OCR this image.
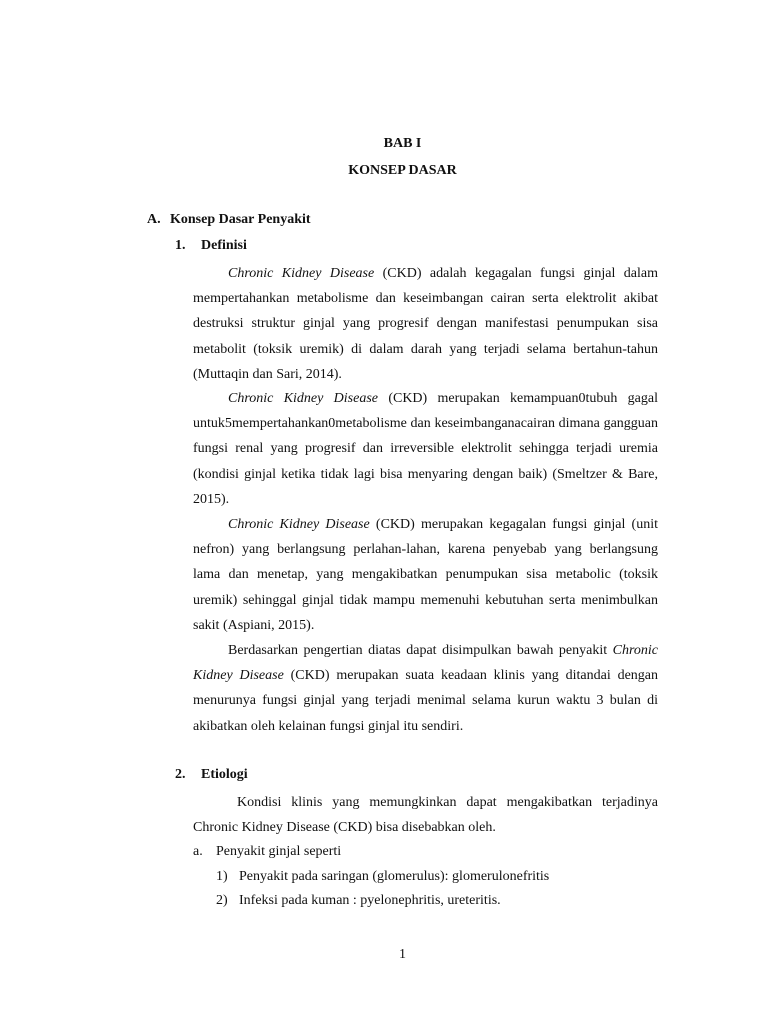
BAB I
KONSEP DASAR
A. Konsep Dasar Penyakit
1. Definisi

Chronic Kidney Disease (CKD) adalah kegagalan fungsi ginjal dalam mempertahankan metabolisme dan keseimbangan cairan serta elektrolit akibat destruksi struktur ginjal yang progresif dengan manifestasi penumpukan sisa metabolit (toksik uremik) di dalam darah yang terjadi selama bertahun-tahun (Muttaqin dan Sari, 2014).

Chronic Kidney Disease (CKD) merupakan kemampuan0tubuh gagal untuk5mempertahankan0metabolisme dan keseimbanganacairan dimana gangguan fungsi renal yang progresif dan irreversible elektrolit sehingga terjadi uremia (kondisi ginjal ketika tidak lagi bisa menyaring dengan baik) (Smeltzer & Bare, 2015).

Chronic Kidney Disease (CKD) merupakan kegagalan fungsi ginjal (unit nefron) yang berlangsung perlahan-lahan, karena penyebab yang berlangsung lama dan menetap, yang mengakibatkan penumpukan sisa metabolic (toksik uremik) sehinggal ginjal tidak mampu memenuhi kebutuhan serta menimbulkan sakit (Aspiani, 2015).

Berdasarkan pengertian diatas dapat disimpulkan bawah penyakit Chronic Kidney Disease (CKD) merupakan suata keadaan klinis yang ditandai dengan menurunya fungsi ginjal yang terjadi menimal selama kurun waktu 3 bulan di akibatkan oleh kelainan fungsi ginjal itu sendiri.

2. Etiologi

Kondisi klinis yang memungkinkan dapat mengakibatkan terjadinya Chronic Kidney Disease (CKD) bisa disebabkan oleh.

a. Penyakit ginjal seperti
1) Penyakit pada saringan (glomerulus): glomerulonefritis
2) Infeksi pada kuman : pyelonephritis, ureteritis.
1
